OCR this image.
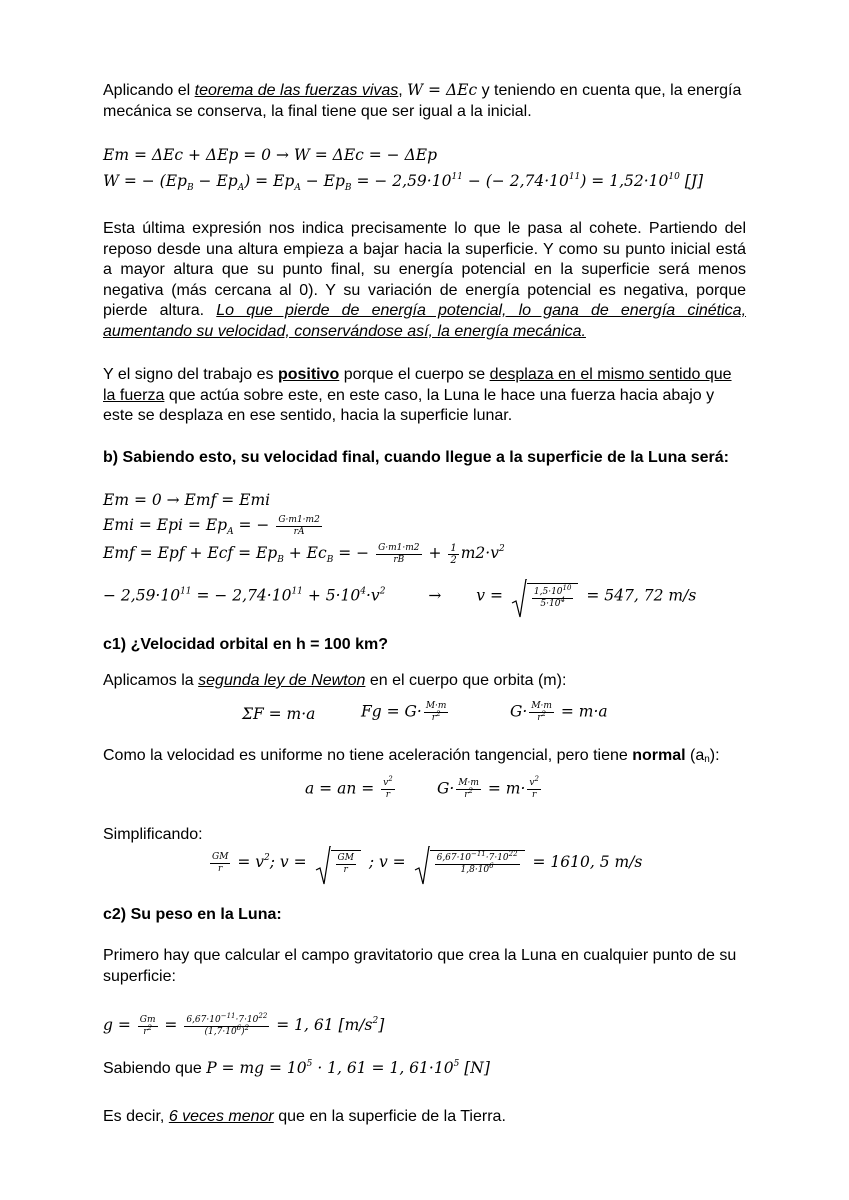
Aplicando el teorema de las fuerzas vivas, W = ΔEc y teniendo en cuenta que, la energía mecánica se conserva, la final tiene que ser igual a la inicial.
Em = ΔEc + ΔEp = 0 → W = ΔEc = − ΔEp
W = − $(Ep_B - Ep_A) = Ep_A - Ep_B$ = − $2,59\cdot 10^{11}$ − (− $2,74\cdot 10^{11}) = 1,52\cdot 10^{10}$ [J]
Esta última expresión nos indica precisamente lo que le pasa al cohete. Partiendo del reposo desde una altura empieza a bajar hacia la superficie. Y como su punto inicial está a mayor altura que su punto final, su energía potencial en la superficie será menos negativa (más cercana al 0). Y su variación de energía potencial es negativa, porque pierde altura. Lo que pierde de energía potencial, lo gana de energía cinética, aumentando su velocidad, conservándose así, la energía mecánica.
Y el signo del trabajo es positivo porque el cuerpo se desplaza en el mismo sentido que la fuerza que actúa sobre este, en este caso, la Luna le hace una fuerza hacia abajo y este se desplaza en ese sentido, hacia la superficie lunar.
b) Sabiendo esto, su velocidad final, cuando llegue a la superficie de la Luna será:
Em = 0 → Emf = Emi
Emi = Epi = $Ep_A$ = − $\frac{G\cdot m1\cdot m2}{rA}$
Emf = Epf + Ecf = $Ep_B + Ec_B$ = − $\frac{G\cdot m1\cdot m2}{rB} + \frac{1}{2} m2\cdot v^2$
− $2,59\cdot 10^{11}$ = − $2,74\cdot 10^{11} + 5\cdot 10^4\cdot v^2$	→ v =	$\frac{1,5\cdot 10^{10}}{5\cdot 10^4} = 547$, 72 m/s
c1) ¿Velocidad orbital en h = 100 km?
Aplicamos la segunda ley de Newton en el cuerpo que orbita (m):
ΣF = m·a	$Fg = G\cdot \frac{M\cdot m}{r^2}$	$G\cdot \frac{M\cdot m}{r^2} = m\cdot a$
Como la velocidad es uniforme no tiene aceleración tangencial, pero tiene normal $(a_n)$:
a = an = $\frac{v^2}{r}$	$G\cdot \frac{M\cdot m}{r^2} = m\cdot \frac{v^2}{r}$
Simplificando:
$\frac{GM}{r} = v^2$; v =	$\frac{GM}{r}$ ; v =	$\frac{6,67\cdot 10^{-11}\cdot 7\cdot 10^{22}}{1,8\cdot 10^6} = 1610$, 5 m/s
c2) Su peso en la Luna:
Primero hay que calcular el campo gravitatorio que crea la Luna en cualquier punto de su superficie:
$g = \frac{Gm}{r^2} = \frac{6,67\cdot 10^{-11}\cdot 7\cdot 10^{22}}{(1,7\cdot 10^6)^2} = 1$, 61 $[m/s^2]$
Sabiendo que P = mg = $10^5 \cdot 1$, 61 = 1, $61\cdot 10^5$ [N]
Es decir, 6 veces menor que en la superficie de la Tierra.
